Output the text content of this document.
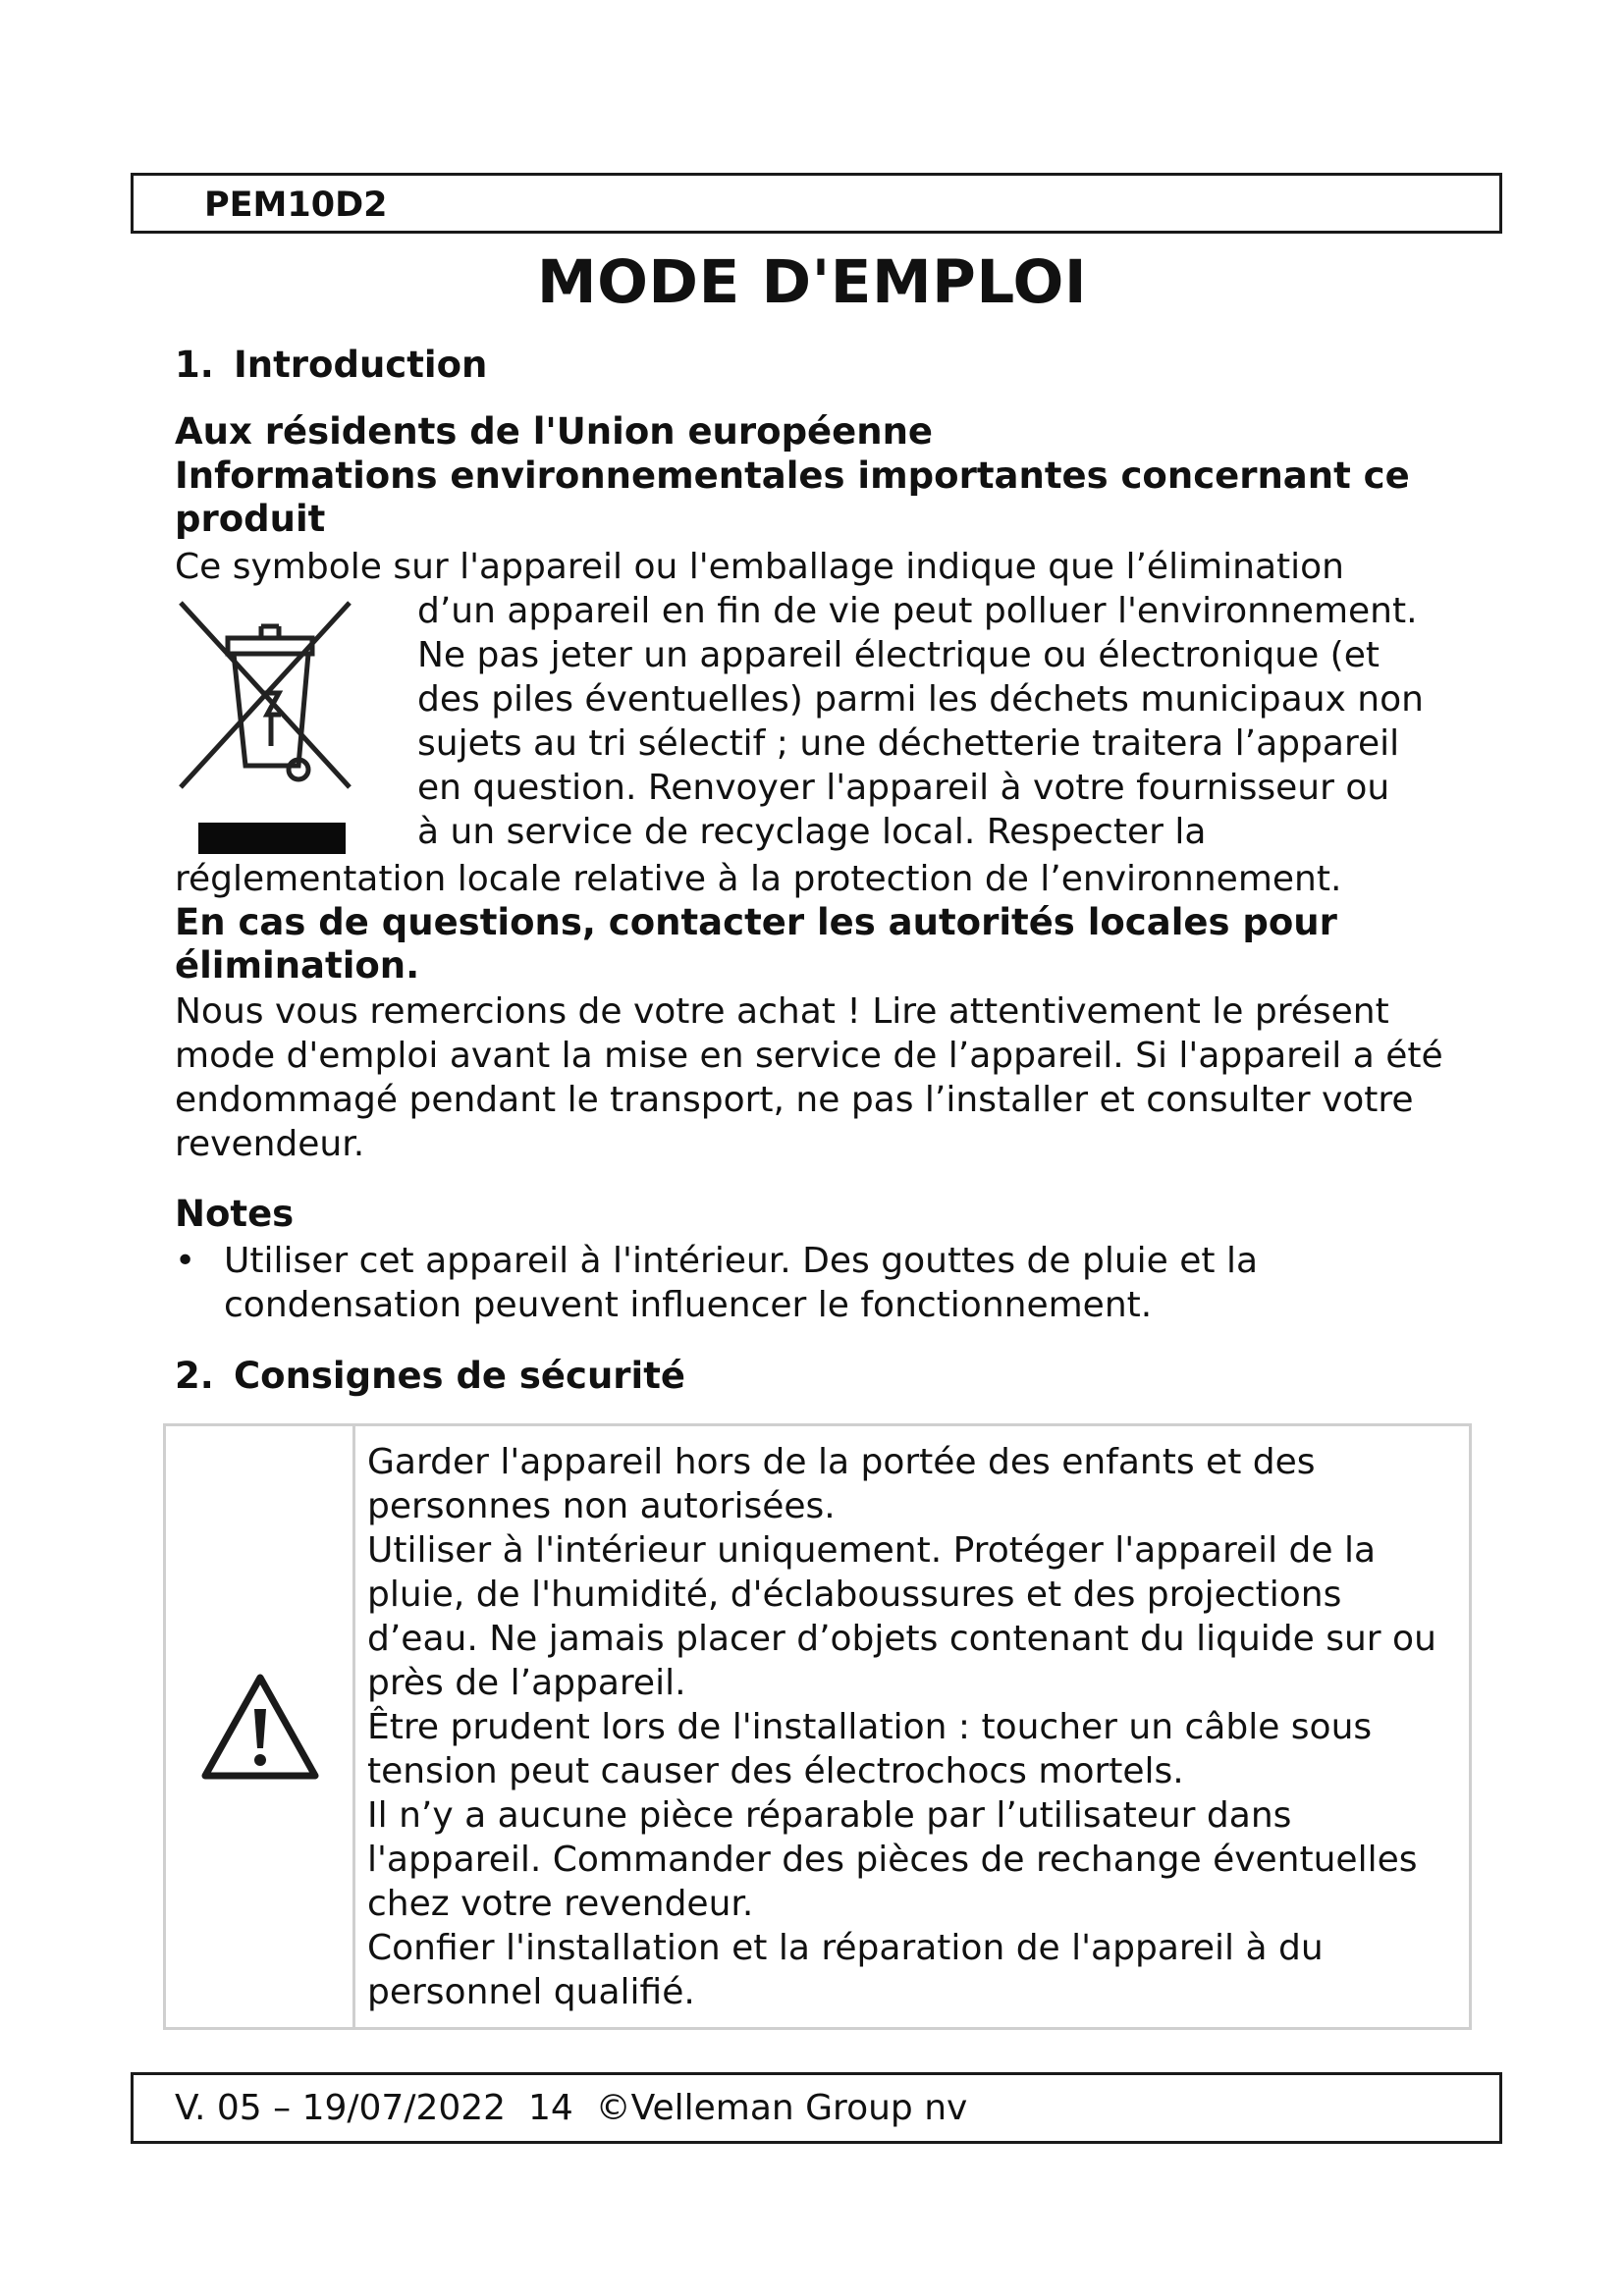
PEM10D2
MODE D'EMPLOI
1. Introduction
Aux résidents de l'Union européenne
Informations environnementales importantes concernant ce produit
Ce symbole sur l'appareil ou l'emballage indique que l’élimination
d’un appareil en fin de vie peut polluer l'environnement.
Ne pas jeter un appareil électrique ou électronique (et
des piles éventuelles) parmi les déchets municipaux non
sujets au tri sélectif ; une déchetterie traitera l’appareil
en question. Renvoyer l'appareil à votre fournisseur ou
à un service de recyclage local. Respecter la
réglementation locale relative à la protection de l’environnement.
En cas de questions, contacter les autorités locales pour élimination.
Nous vous remercions de votre achat ! Lire attentivement le présent mode d'emploi avant la mise en service de l’appareil. Si l'appareil a été endommagé pendant le transport, ne pas l’installer et consulter votre revendeur.
Notes
• Utiliser cet appareil à l'intérieur. Des gouttes de pluie et la condensation peuvent influencer le fonctionnement.
2. Consignes de sécurité

Garder l'appareil hors de la portée des enfants et des personnes non autorisées.

Utiliser à l'intérieur uniquement. Protéger l'appareil de la pluie, de l'humidité, d'éclaboussures et des projections d’eau. Ne jamais placer d’objets contenant du liquide sur ou près de l’appareil.

Être prudent lors de l'installation : toucher un câble sous tension peut causer des électrochocs mortels.

Il n’y a aucune pièce réparable par l’utilisateur dans l'appareil. Commander des pièces de rechange éventuelles chez votre revendeur.

Confier l'installation et la réparation de l'appareil à du personnel qualifié.

V. 05 – 19/07/2022  14  ©Velleman Group nv
